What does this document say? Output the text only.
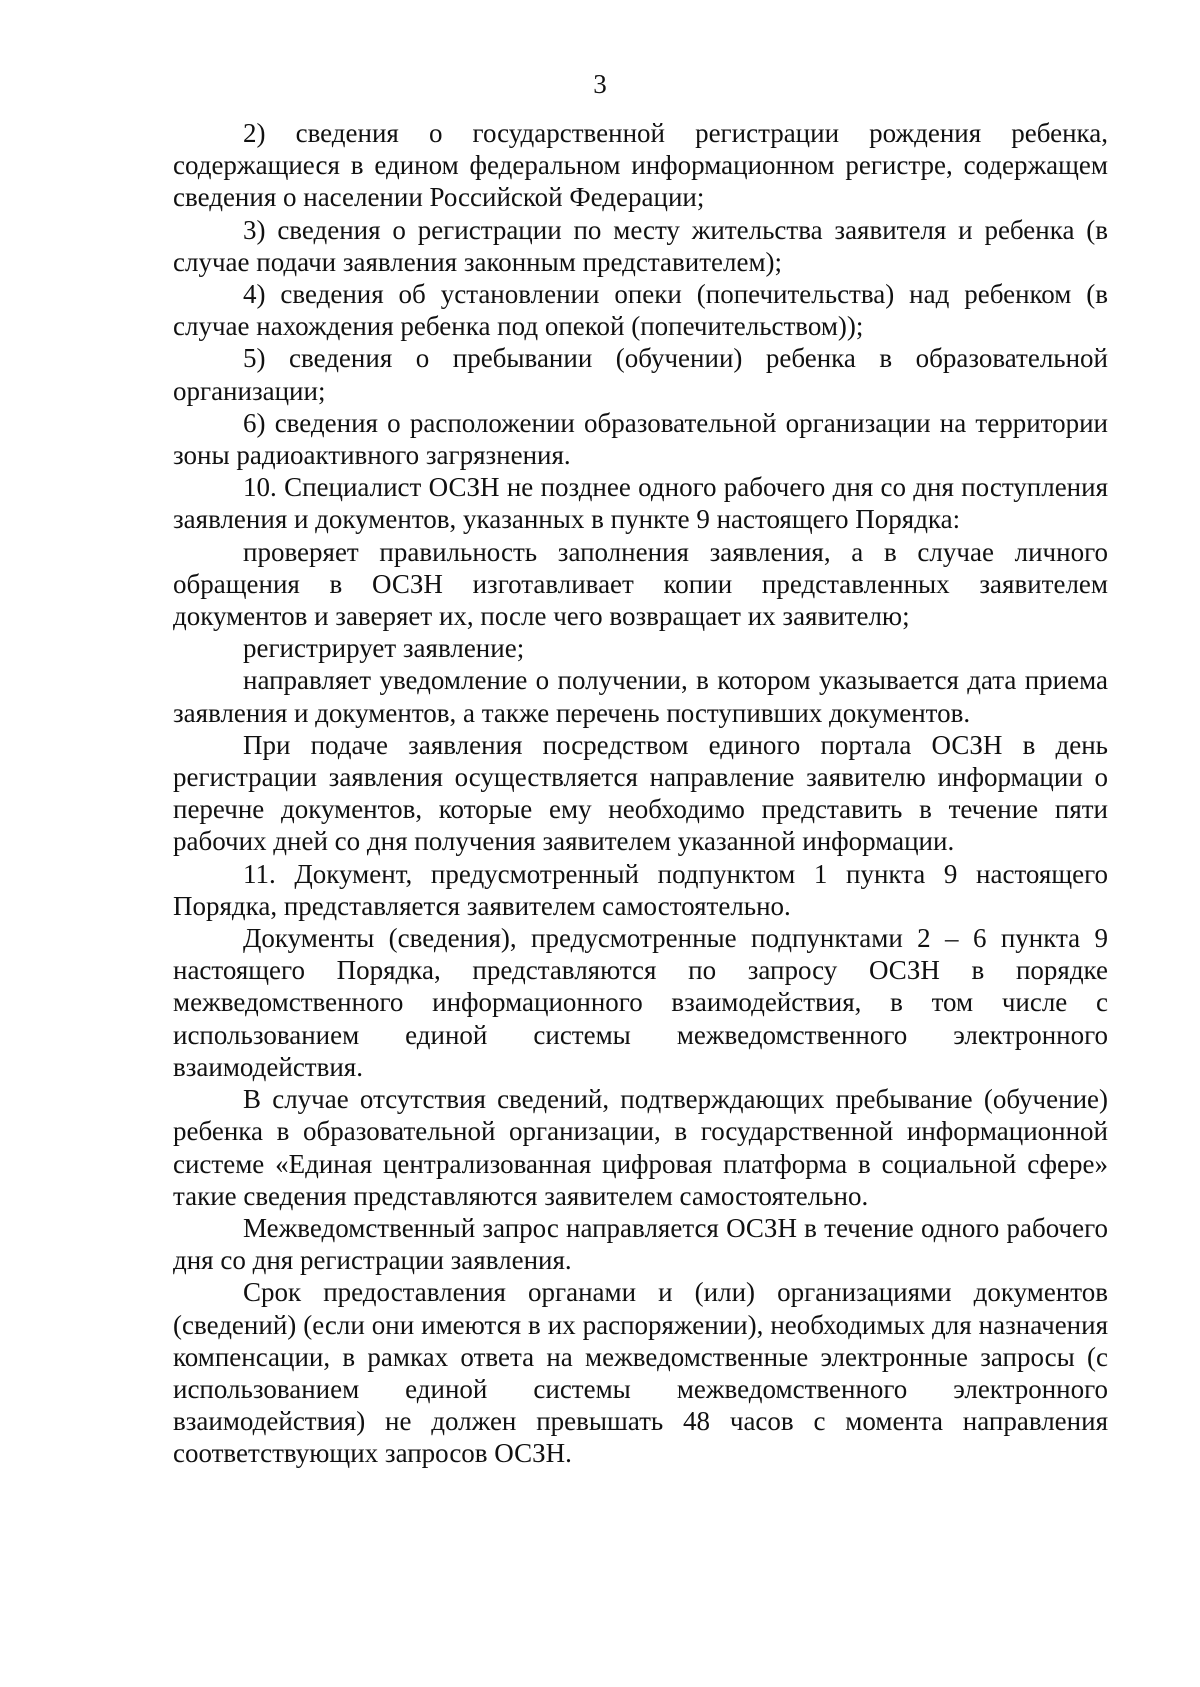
3

2) сведения о государственной регистрации рождения ребенка, содержащиеся в едином федеральном информационном регистре, содержащем сведения о населении Российской Федерации;

3) сведения о регистрации по месту жительства заявителя и ребенка (в случае подачи заявления законным представителем);

4) сведения об установлении опеки (попечительства) над ребенком (в случае нахождения ребенка под опекой (попечительством));

5) сведения о пребывании (обучении) ребенка в образовательной организации;

6) сведения о расположении образовательной организации на территории зоны радиоактивного загрязнения.

10. Специалист ОСЗН не позднее одного рабочего дня со дня поступления заявления и документов, указанных в пункте 9 настоящего Порядка:

проверяет правильность заполнения заявления, а в случае личного обращения в ОСЗН изготавливает копии представленных заявителем документов и заверяет их, после чего возвращает их заявителю;

регистрирует заявление;

направляет уведомление о получении, в котором указывается дата приема заявления и документов, а также перечень поступивших документов.

При подаче заявления посредством единого портала ОСЗН в день регистрации заявления осуществляется направление заявителю информации о перечне документов, которые ему необходимо представить в течение пяти рабочих дней со дня получения заявителем указанной информации.

11. Документ, предусмотренный подпунктом 1 пункта 9 настоящего Порядка, представляется заявителем самостоятельно.

Документы (сведения), предусмотренные подпунктами 2 – 6 пункта 9 настоящего Порядка, представляются по запросу ОСЗН в порядке межведомственного информационного взаимодействия, в том числе с использованием единой системы межведомственного электронного взаимодействия.

В случае отсутствия сведений, подтверждающих пребывание (обучение) ребенка в образовательной организации, в государственной информационной системе «Единая централизованная цифровая платформа в социальной сфере» такие сведения представляются заявителем самостоятельно.

Межведомственный запрос направляется ОСЗН в течение одного рабочего дня со дня регистрации заявления.

Срок предоставления органами и (или) организациями документов (сведений) (если они имеются в их распоряжении), необходимых для назначения компенсации, в рамках ответа на межведомственные электронные запросы (с использованием единой системы межведомственного электронного взаимодействия) не должен превышать 48 часов с момента направления соответствующих запросов ОСЗН.
